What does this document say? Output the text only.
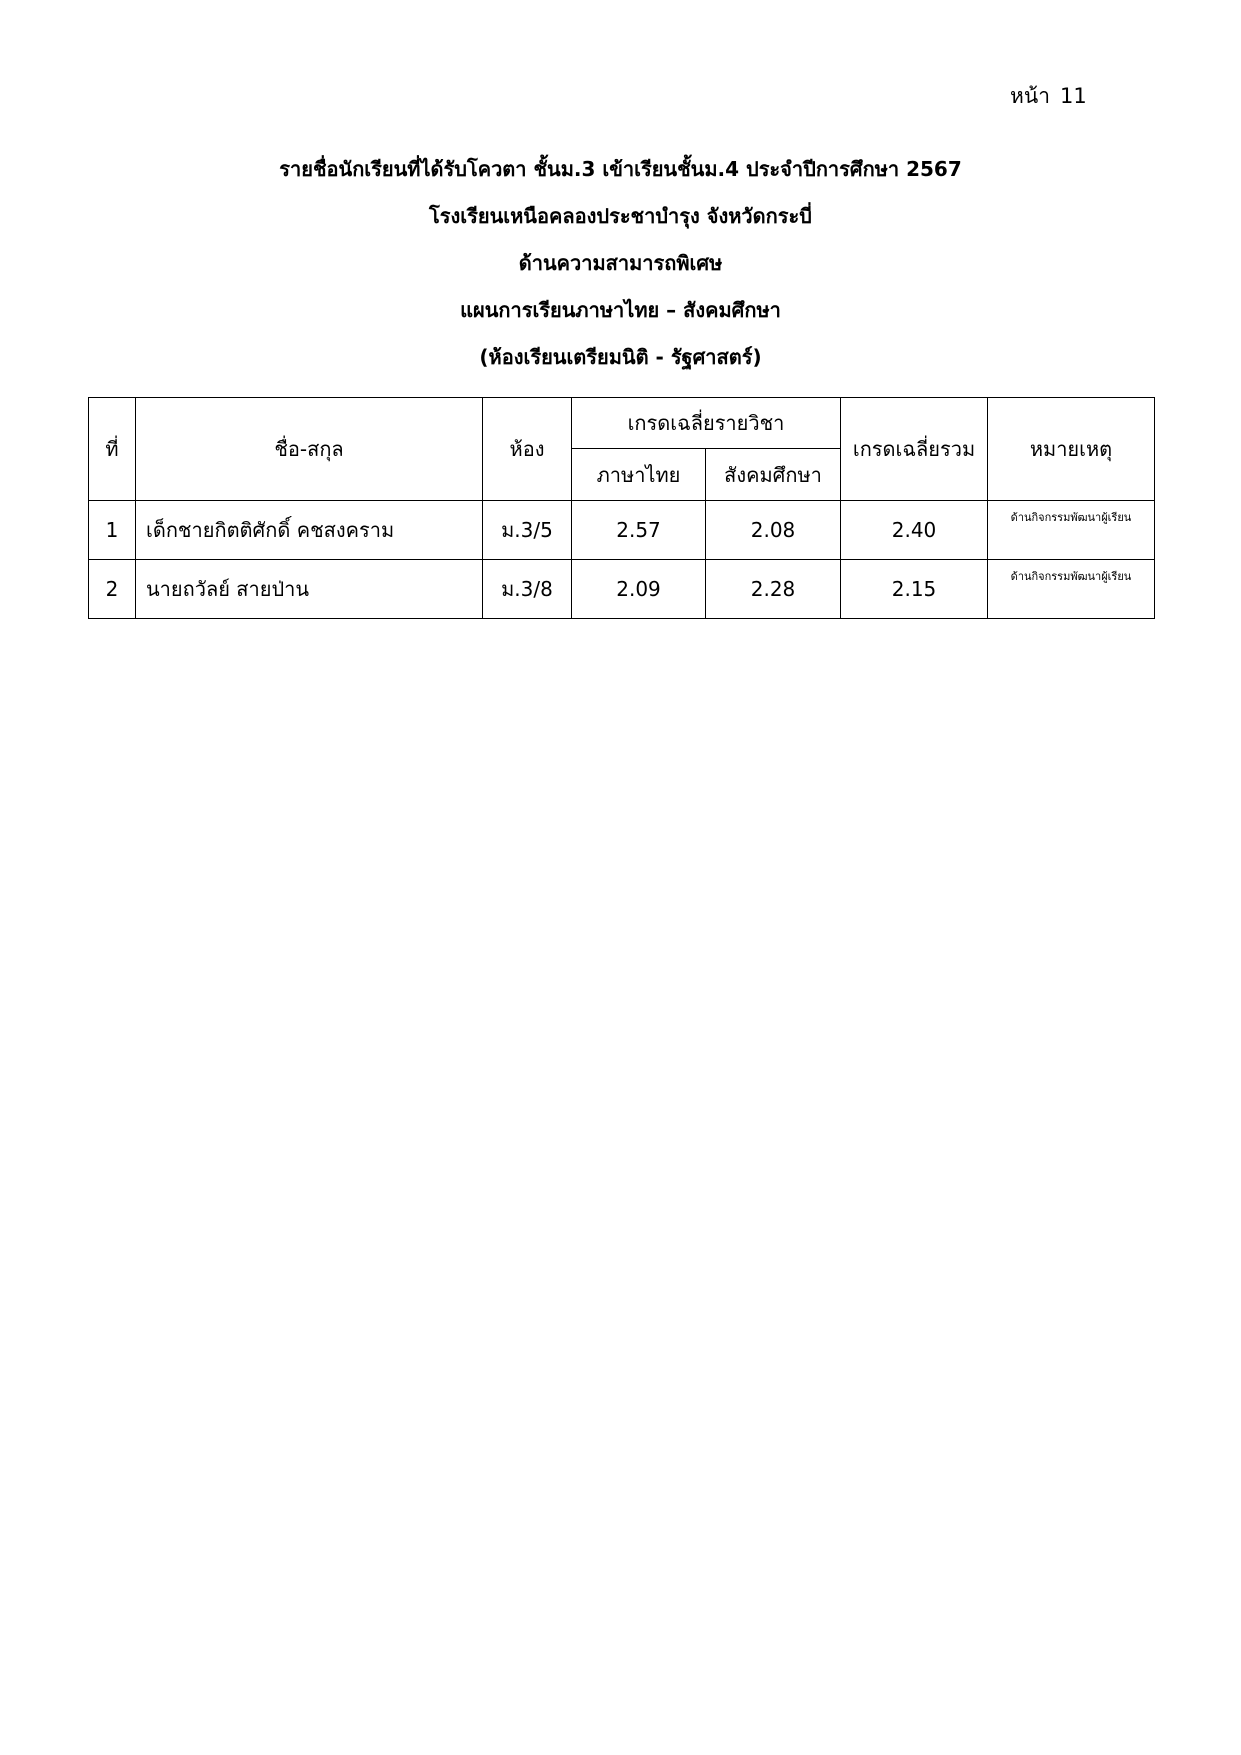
หน้า 11
รายชื่อนักเรียนที่ได้รับโควตา ชั้นม.3 เข้าเรียนชั้นม.4 ประจำปีการศึกษา 2567
โรงเรียนเหนือคลองประชาบำรุง จังหวัดกระบี่
ด้านความสามารถพิเศษ
แผนการเรียนภาษาไทย – สังคมศึกษา
(ห้องเรียนเตรียมนิติ - รัฐศาสตร์)
ที่	ชื่อ-สกุล	ห้อง	เกรดเฉลี่ยรายวิชา		เกรดเฉลี่ยรวม	หมายเหตุ
			ภาษาไทย	สังคมศึกษา		
1	เด็กชายกิตติศักดิ์ คชสงคราม	ม.3/5	2.57	2.08	2.40	ด้านกิจกรรมพัฒนาผู้เรียน
2	นายถวัลย์ สายป่าน	ม.3/8	2.09	2.28	2.15	ด้านกิจกรรมพัฒนาผู้เรียน
